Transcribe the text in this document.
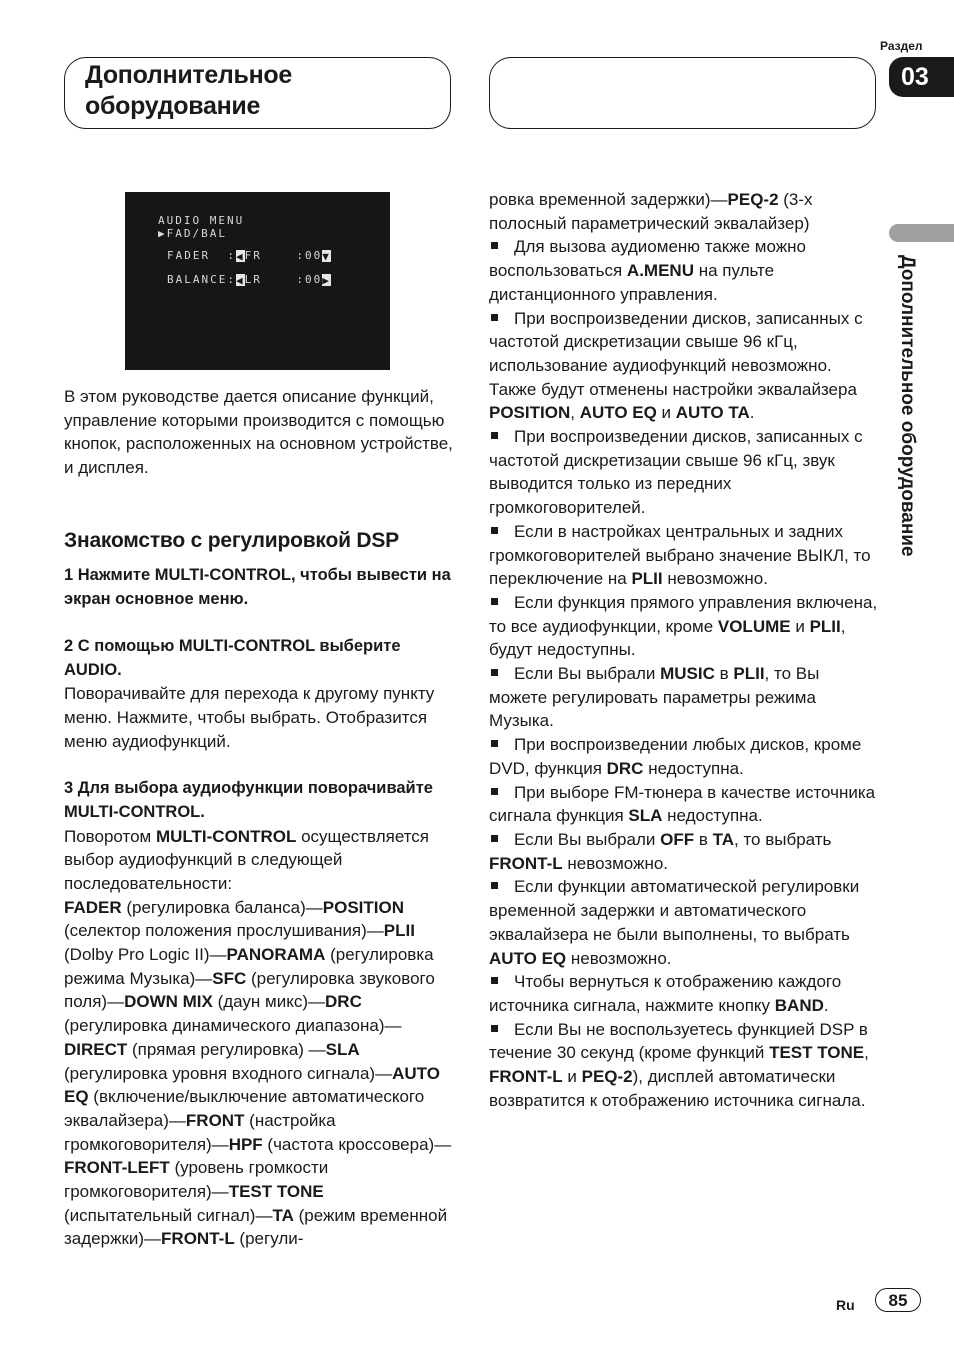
Дополнительное
оборудование
Раздел
03
Дополнительное оборудование
AUDIO MENU
▶FAD/BAL
FADER  :◀FR    :00▼
BALANCE:◀LR    :00▶

В этом руководстве дается описание функций, управление которыми производится с помощью кнопок, расположенных на основном устройстве, и дисплея.

Знакомство с регулировкой DSP

1 Нажмите MULTI-CONTROL, чтобы вывести на экран основное меню.

2 С помощью MULTI-CONTROL выберите AUDIO.

Поворачивайте для перехода к другому пункту меню. Нажмите, чтобы выбрать. Отобразится меню аудиофункций.

3 Для выбора аудиофункции поворачивайте MULTI-CONTROL.

Поворотом MULTI-CONTROL осуществляется выбор аудиофункций в следующей последовательности:

FADER (регулировка баланса)—POSITION (селектор положения прослушивания)—PLII (Dolby Pro Logic II)—PANORAMA (регулировка режима Музыка)—SFC (регулировка звукового поля)—DOWN MIX (даун микс)—DRC (регулировка динамического диапазона)—DIRECT (прямая регулировка) —SLA (регулировка уровня входного сигнала)—AUTO EQ (включение/выключение автоматического эквалайзера)—FRONT (настройка громкоговорителя)—HPF (частота кроссовера)—FRONT-LEFT (уровень громкости громкоговорителя)—TEST TONE (испытательный сигнал)—TA (режим временной задержки)—FRONT-L (регули-

ровка временной задержки)—PEQ-2 (3-х полосный параметрический эквалайзер)

Для вызова аудиоменю также можно воспользоваться A.MENU на пульте дистанционного управления.

При воспроизведении дисков, записанных с частотой дискретизации свыше 96 кГц, использование аудиофункций невозможно. Также будут отменены настройки эквалайзера POSITION, AUTO EQ и AUTO TA.

При воспроизведении дисков, записанных с частотой дискретизации свыше 96 кГц, звук выводится только из передних громкоговорителей.

Если в настройках центральных и задних громкоговорителей выбрано значение ВЫКЛ, то переключение на PLII невозможно.

Если функция прямого управления включена, то все аудиофункции, кроме VOLUME и PLII, будут недоступны.

Если Вы выбрали MUSIC в PLII, то Вы можете регулировать параметры режима Музыка.

При воспроизведении любых дисков, кроме DVD, функция DRC недоступна.

При выборе FM-тюнера в качестве источника сигнала функция SLA недоступна.

Если Вы выбрали OFF в TA, то выбрать FRONT-L невозможно.

Если функции автоматической регулировки временной задержки и автоматического эквалайзера не были выполнены, то выбрать AUTO EQ невозможно.

Чтобы вернуться к отображению каждого источника сигнала, нажмите кнопку BAND.

Если Вы не воспользуетесь функцией DSP в течение 30 секунд (кроме функций TEST TONE, FRONT-L и PEQ-2), дисплей автоматически возвратится к отображению источника сигнала.

Ru	85
